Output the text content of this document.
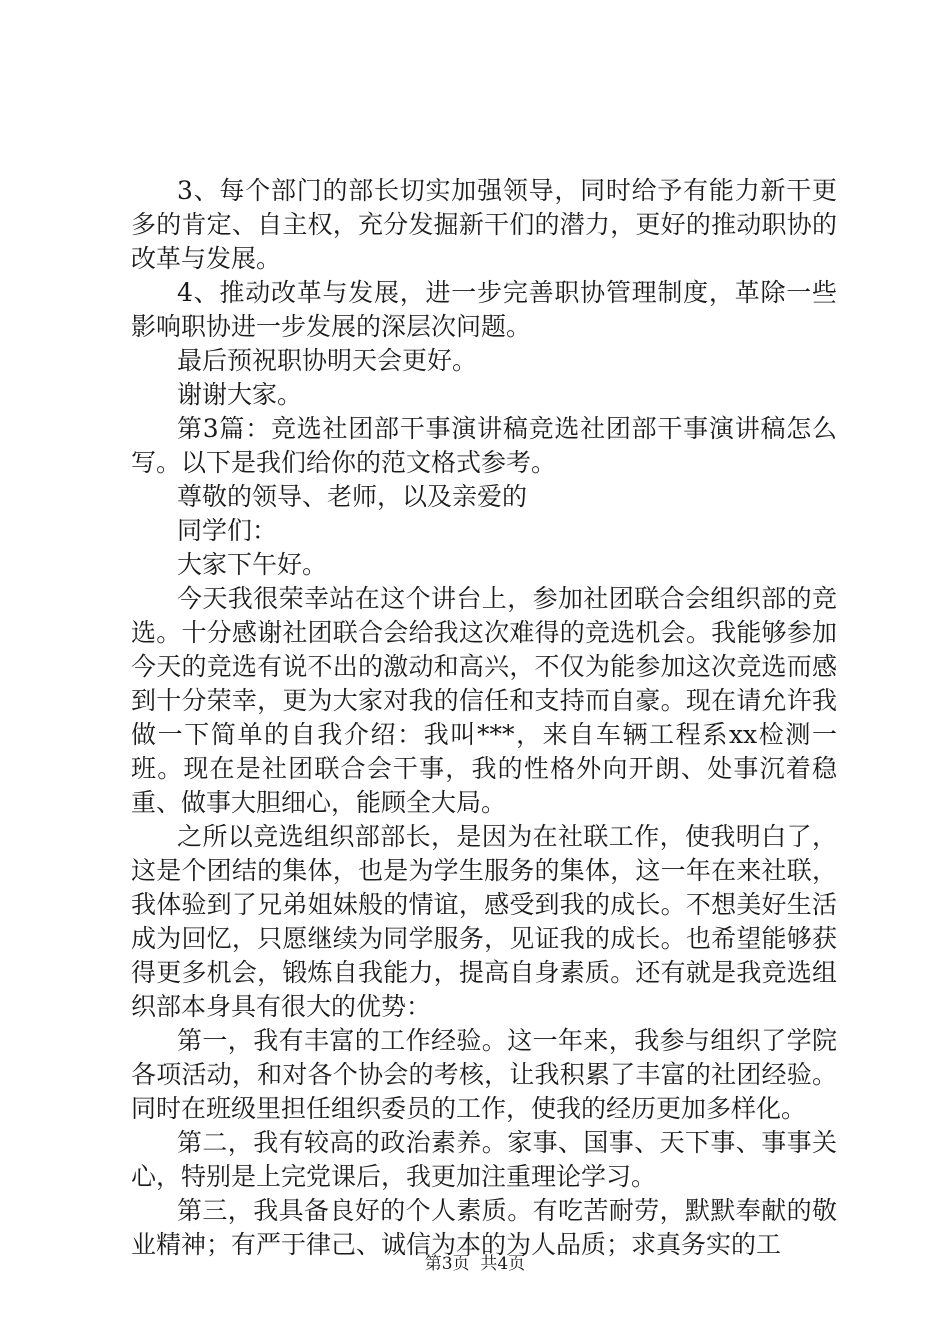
3、每个部门的部长切实加强领导，同时给予有能力新干更多的肯定、自主权，充分发掘新干们的潜力，更好的推动职协的改革与发展。

4、推动改革与发展，进一步完善职协管理制度，革除一些影响职协进一步发展的深层次问题。

最后预祝职协明天会更好。

谢谢大家。

第3篇：竞选社团部干事演讲稿竞选社团部干事演讲稿怎么写。以下是我们给你的范文格式参考。

尊敬的领导、老师，以及亲爱的

同学们：

大家下午好。

今天我很荣幸站在这个讲台上，参加社团联合会组织部的竞选。十分感谢社团联合会给我这次难得的竞选机会。我能够参加今天的竞选有说不出的激动和高兴，不仅为能参加这次竞选而感到十分荣幸，更为大家对我的信任和支持而自豪。现在请允许我做一下简单的自我介绍：我叫***，来自车辆工程系xx检测一班。现在是社团联合会干事，我的性格外向开朗、处事沉着稳重、做事大胆细心，能顾全大局。

之所以竞选组织部部长，是因为在社联工作，使我明白了，这是个团结的集体，也是为学生服务的集体，这一年在来社联，我体验到了兄弟姐妹般的情谊，感受到我的成长。不想美好生活成为回忆，只愿继续为同学服务，见证我的成长。也希望能够获得更多机会，锻炼自我能力，提高自身素质。还有就是我竞选组织部本身具有很大的优势：

第一，我有丰富的工作经验。这一年来，我参与组织了学院各项活动，和对各个协会的考核，让我积累了丰富的社团经验。同时在班级里担任组织委员的工作，使我的经历更加多样化。

第二，我有较高的政治素养。家事、国事、天下事、事事关心，特别是上完党课后，我更加注重理论学习。

第三，我具备良好的个人素质。有吃苦耐劳，默默奉献的敬业精神；有严于律己、诚信为本的为人品质；求真务实的工

第3页  共4页
